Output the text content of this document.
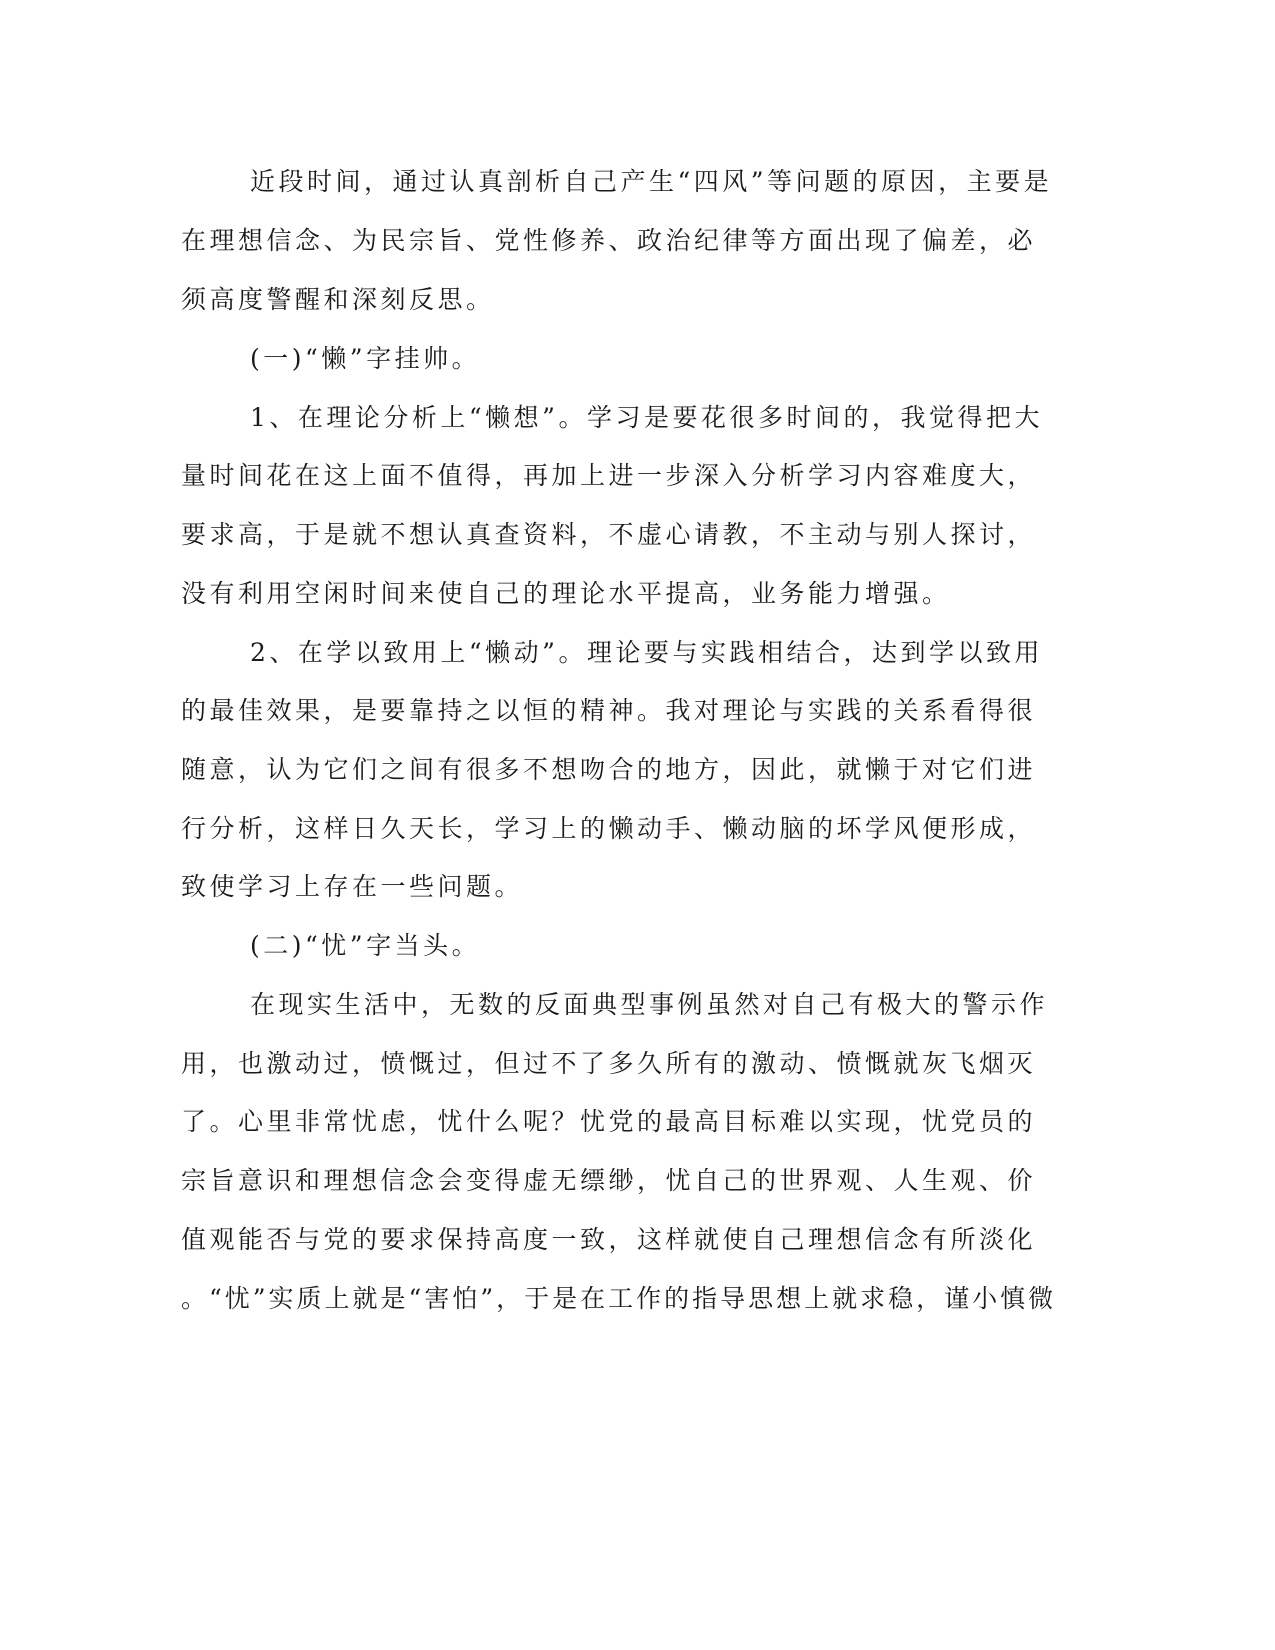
近段时间，通过认真剖析自己产生“四风”等问题的原因，主要是
在理想信念、为民宗旨、党性修养、政治纪律等方面出现了偏差，必
须高度警醒和深刻反思。
(一)“懒”字挂帅。
1、在理论分析上“懒想”。学习是要花很多时间的，我觉得把大
量时间花在这上面不值得，再加上进一步深入分析学习内容难度大，
要求高，于是就不想认真查资料，不虚心请教，不主动与别人探讨，
没有利用空闲时间来使自己的理论水平提高，业务能力增强。
2、在学以致用上“懒动”。理论要与实践相结合，达到学以致用
的最佳效果，是要靠持之以恒的精神。我对理论与实践的关系看得很
随意，认为它们之间有很多不想吻合的地方，因此，就懒于对它们进
行分析，这样日久天长，学习上的懒动手、懒动脑的坏学风便形成，
致使学习上存在一些问题。
(二)“忧”字当头。
在现实生活中，无数的反面典型事例虽然对自己有极大的警示作
用，也激动过，愤慨过，但过不了多久所有的激动、愤慨就灰飞烟灭
了。心里非常忧虑，忧什么呢？忧党的最高目标难以实现，忧党员的
宗旨意识和理想信念会变得虚无缥缈，忧自己的世界观、人生观、价
值观能否与党的要求保持高度一致，这样就使自己理想信念有所淡化
。“忧”实质上就是“害怕”，于是在工作的指导思想上就求稳，谨小慎微
